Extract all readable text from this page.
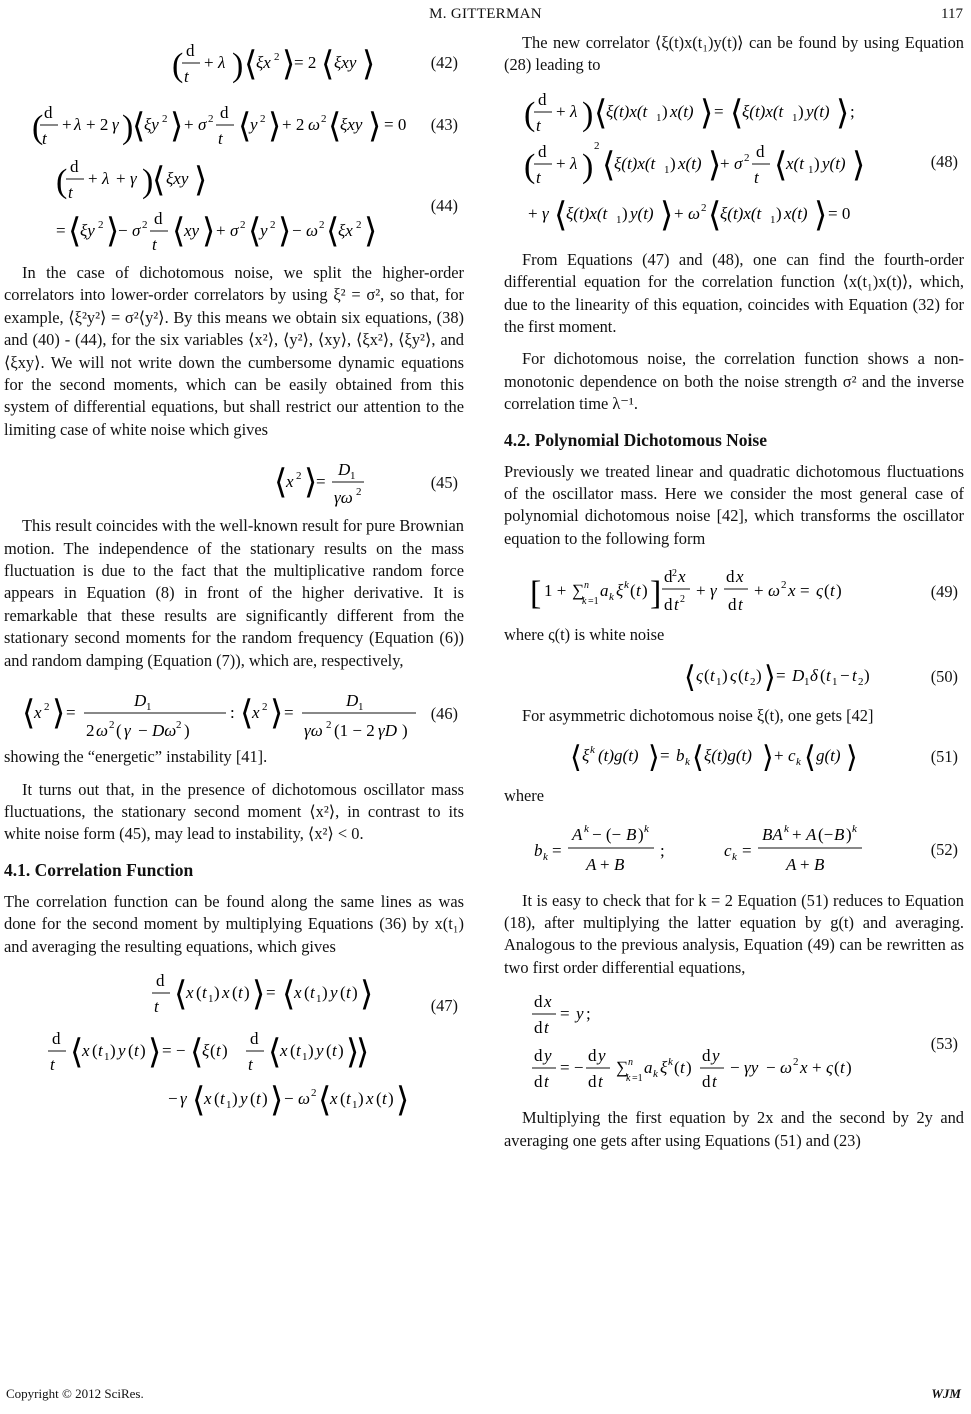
M. GITTERMAN	117
( d
t
+ λ ) ⟨
ξx 2 ⟩
= 2 ⟨ ξxy ⟩	(42)
( d
t
+ λ + 2 γ )
⟨
ξy 2 ⟩ + σ 2 d
t ⟨
y 2 ⟩ + 2 ω 2 ⟨
ξxy ⟩ = 0 (43)
( d
t
+ λ + γ )
⟨ ξxy ⟩
= ⟨
ξy 2 ⟩
− σ 2 d
t ⟨
xy ⟩ + σ 2 ⟨
y 2 ⟩ − ω 2 ⟨
ξx 2 ⟩
(44)

In the case of dichotomous noise, we split the higher-order correlators into lower-order correlators by using ξ² = σ², so that, for example, ⟨ξ²y²⟩ = σ²⟨y²⟩. By this means we obtain six equations, (38) and (40) - (44), for the six variables ⟨x²⟩, ⟨y²⟩, ⟨xy⟩, ⟨ξx²⟩, ⟨ξy²⟩, and ⟨ξxy⟩. We will not write down the cumbersome dynamic equations for the second moments, which can be easily obtained from this system of differential equations, but shall restrict our attention to the limiting case of white noise which gives

⟨
x 2 ⟩
=
D 1
γω 2	(45)

This result coincides with the well-known result for pure Brownian motion. The independence of the stationary results on the mass fluctuation is due to the fact that the multiplicative random force appears in Equation (8) in front of the higher derivative. It is remarkable that these results are significantly different from the stationary second moments for the random frequency (Equation (6)) and random damping (Equation (7)), which are, respectively,

⟨
x 2 ⟩ =
D 1
2 ω 2 ( γ − Dω 2 )
: ⟨
x 2 ⟩ =
D 1
γω 2 (1 − 2 γD )
(46)

showing the “energetic” instability [41].

It turns out that, in the presence of dichotomous oscillator mass fluctuations, the stationary second moment ⟨x²⟩, in contrast to its white noise form (45), may lead to instability, ⟨x²⟩ < 0.

4.1. Correlation Function

The correlation function can be found along the same lines as was done for the second moment by multiplying Equations (36) by x(t₁) and averaging the resulting equations, which gives

d
t ⟨
x ( t 1 ) x ( t ) ⟩ = ⟨
x ( t 1 ) y ( t ) ⟩
d
t ⟨
x ( t 1 ) y ( t ) ⟩ = − ⟨
ξ ( t )
d
t ⟨
x ( t 1 ) y ( t ) ⟩
⟩
− γ ⟨
x ( t 1 ) y ( t ) ⟩ − ω 2 ⟨
x ( t 1 ) x ( t ) ⟩
(47)

The new correlator ⟨ξ(t)x(t₁)y(t)⟩ can be found by using Equation (28) leading to

( d
t
+ λ ) ⟨
ξ(t)x(t 1 ) x(t) ⟩ = ⟨
ξ(t)x(t 1 ) y(t) ⟩ ;
( d
t
+ λ )
2
⟨
ξ(t)x(t 1 ) x(t) ⟩
+ σ 2 d
t ⟨
x(t 1 ) y(t) ⟩
+ γ ⟨
ξ(t)x(t 1 ) y(t) ⟩ + ω 2 ⟨
ξ(t)x(t 1 ) x(t) ⟩ = 0
(48)

From Equations (47) and (48), one can find the fourth-order differential equation for the correlation function ⟨x(t₁)x(t)⟩, which, due to the linearity of this equation, coincides with Equation (32) for the first moment.

For dichotomous noise, the correlation function shows a non-monotonic dependence on both the noise strength σ² and the inverse correlation time λ⁻¹.

4.2. Polynomial Dichotomous Noise

Previously we treated linear and quadratic dichotomous fluctuations of the oscillator mass. Here we consider the most general case of polynomial dichotomous noise [42], which transforms the oscillator equation to the following form

[ 1 + ∑ n
k =1
a k ξ k ( t ) ] d 2 x
d t 2 + γ
d x
d t
+ ω 2 x = ς ( t )	(49)

where ς(t) is white noise

⟨ ς ( t 1 ) ς ( t 2 ) ⟩ = D 1 δ ( t 1 − t 2 )	(50)

For asymmetric dichotomous noise ξ(t), one gets [42]

⟨ ξ k (t)g(t) ⟩ = b k ⟨ ξ(t)g(t) ⟩ + c k ⟨ g(t) ⟩	(51)

where

b k =
A k − (− B ) k
A + B
;	c k =
BA k + A (− B ) k
A + B
(52)

It is easy to check that for k = 2 Equation (51) reduces to Equation (18), after multiplying the latter equation by g(t) and averaging. Analogous to the previous analysis, Equation (49) can be rewritten as two first order differential equations,

d x
d t
= y ;
d y
d t
= −
d y
d t
∑ n
k =1
a k ξ k ( t )
d y
d t
− γy − ω 2 x + ς ( t )
(53)

Multiplying the first equation by 2x and the second by 2y and averaging one gets after using Equations (51) and (23)

Copyright © 2012 SciRes.	WJM
